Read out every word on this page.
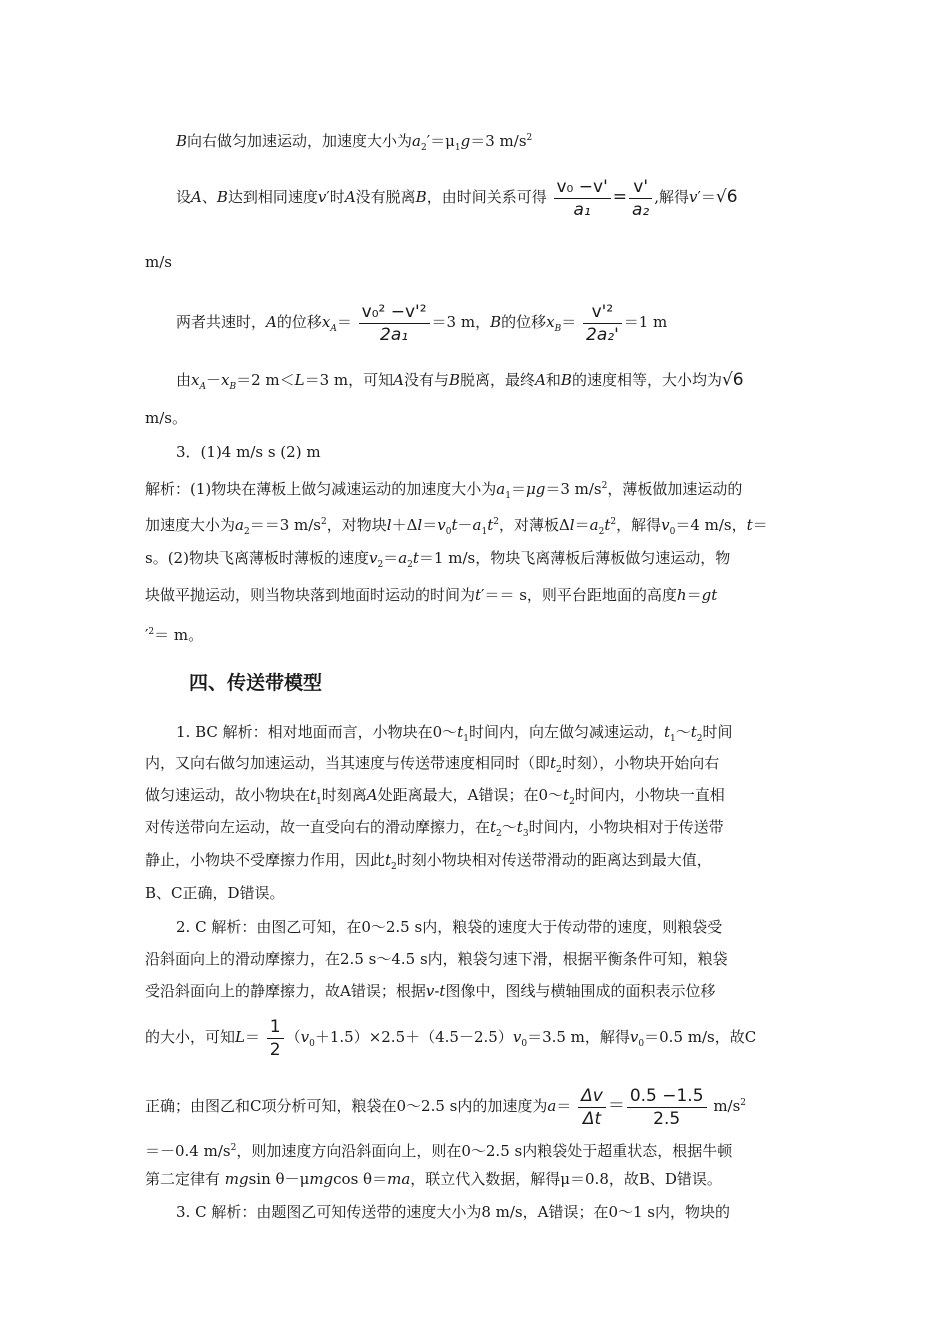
B向右做匀加速运动，加速度大小为$a_2'=\mu_1g=3$ $m/s^2$
设A、B达到相同速度v′时A没有脱离B，由时间关系可得 $\frac{\text{v₀ −v'}}{\text{a₁}} = \frac{v'}{\text{a₂}}$ ,解得v′＝√6
m/s
两者共速时，A的位移$x_A= \frac{\text{v₀² −v'²}}{\text{2a₁}} =3$ m，B的位移$x_B= \frac{\text{v'²}}{\text{2a₂'}} =1$ m
由$x_A-x_B=2$ m＜L＝3 m，可知A没有与B脱离，最终A和B的速度相等，大小均为√6
m/s。
3．(1)4 m/s s (2) m
解析：(1)物块在薄板上做匀减速运动的加速度大小为$a_1=\mu g=3$ $m/s^2$，薄板做加速运动的
加速度大小为$a_2==3$ $m/s^2$，对物块$l+\Delta l=v_0t-a_1t^2$，对薄板$\Delta l=a_2t^2$，解得$v_0=4$ m/s，t＝
s。(2)物块飞离薄板时薄板的速度$v_2=a_2t=1$ m/s，物块飞离薄板后薄板做匀速运动，物
块做平抛运动，则当物块落到地面时运动的时间为t′＝＝ s，则平台距地面的高度h＝gt
$'^2= m$。
四、传送带模型
1. BC 解析：相对地面而言，小物块在$0\sim t_1$时间内，向左做匀减速运动，$t_1\sim t_2$时间
内，又向右做匀加速运动，当其速度与传送带速度相同时（即$t_2$时刻），小物块开始向右
做匀速运动，故小物块在$t_1$时刻离A处距离最大，A错误；在$0\sim t_2$时间内，小物块一直相
对传送带向左运动，故一直受向右的滑动摩擦力，在$t_2\sim t_3$时间内，小物块相对于传送带
静止，小物块不受摩擦力作用，因此$t_2$时刻小物块相对传送带滑动的距离达到最大值，
B、C正确，D错误。
2. C 解析：由图乙可知，在0～2.5 s内，粮袋的速度大于传动带的速度，则粮袋受
沿斜面向上的滑动摩擦力，在2.5 s～4.5 s内，粮袋匀速下滑，根据平衡条件可知，粮袋
受沿斜面向上的静摩擦力，故A错误；根据v-t图像中，图线与横轴围成的面积表示位移
的大小，可知$L= \frac{1}{2} (v_0+1.5)\times 2.5+(4.5-2.5)v_0=3.5$ m，解得$v_0=0.5$ m/s，故C
正确；由图乙和C项分析可知，粮袋在0～2.5 s内的加速度为$a= \frac{\Delta v}{\Delta t} = \frac{0.5 -1.5}{2.5} m/s^2$
＝－0.4 $m/s^2$，则加速度方向沿斜面向上，则在0～2.5 s内粮袋处于超重状态，根据牛顿
第二定律有 mgsin θ－μmgcos θ＝ma，联立代入数据，解得μ＝0.8，故B、D错误。
3. C 解析：由题图乙可知传送带的速度大小为8 m/s，A错误；在0～1 s内，物块的
